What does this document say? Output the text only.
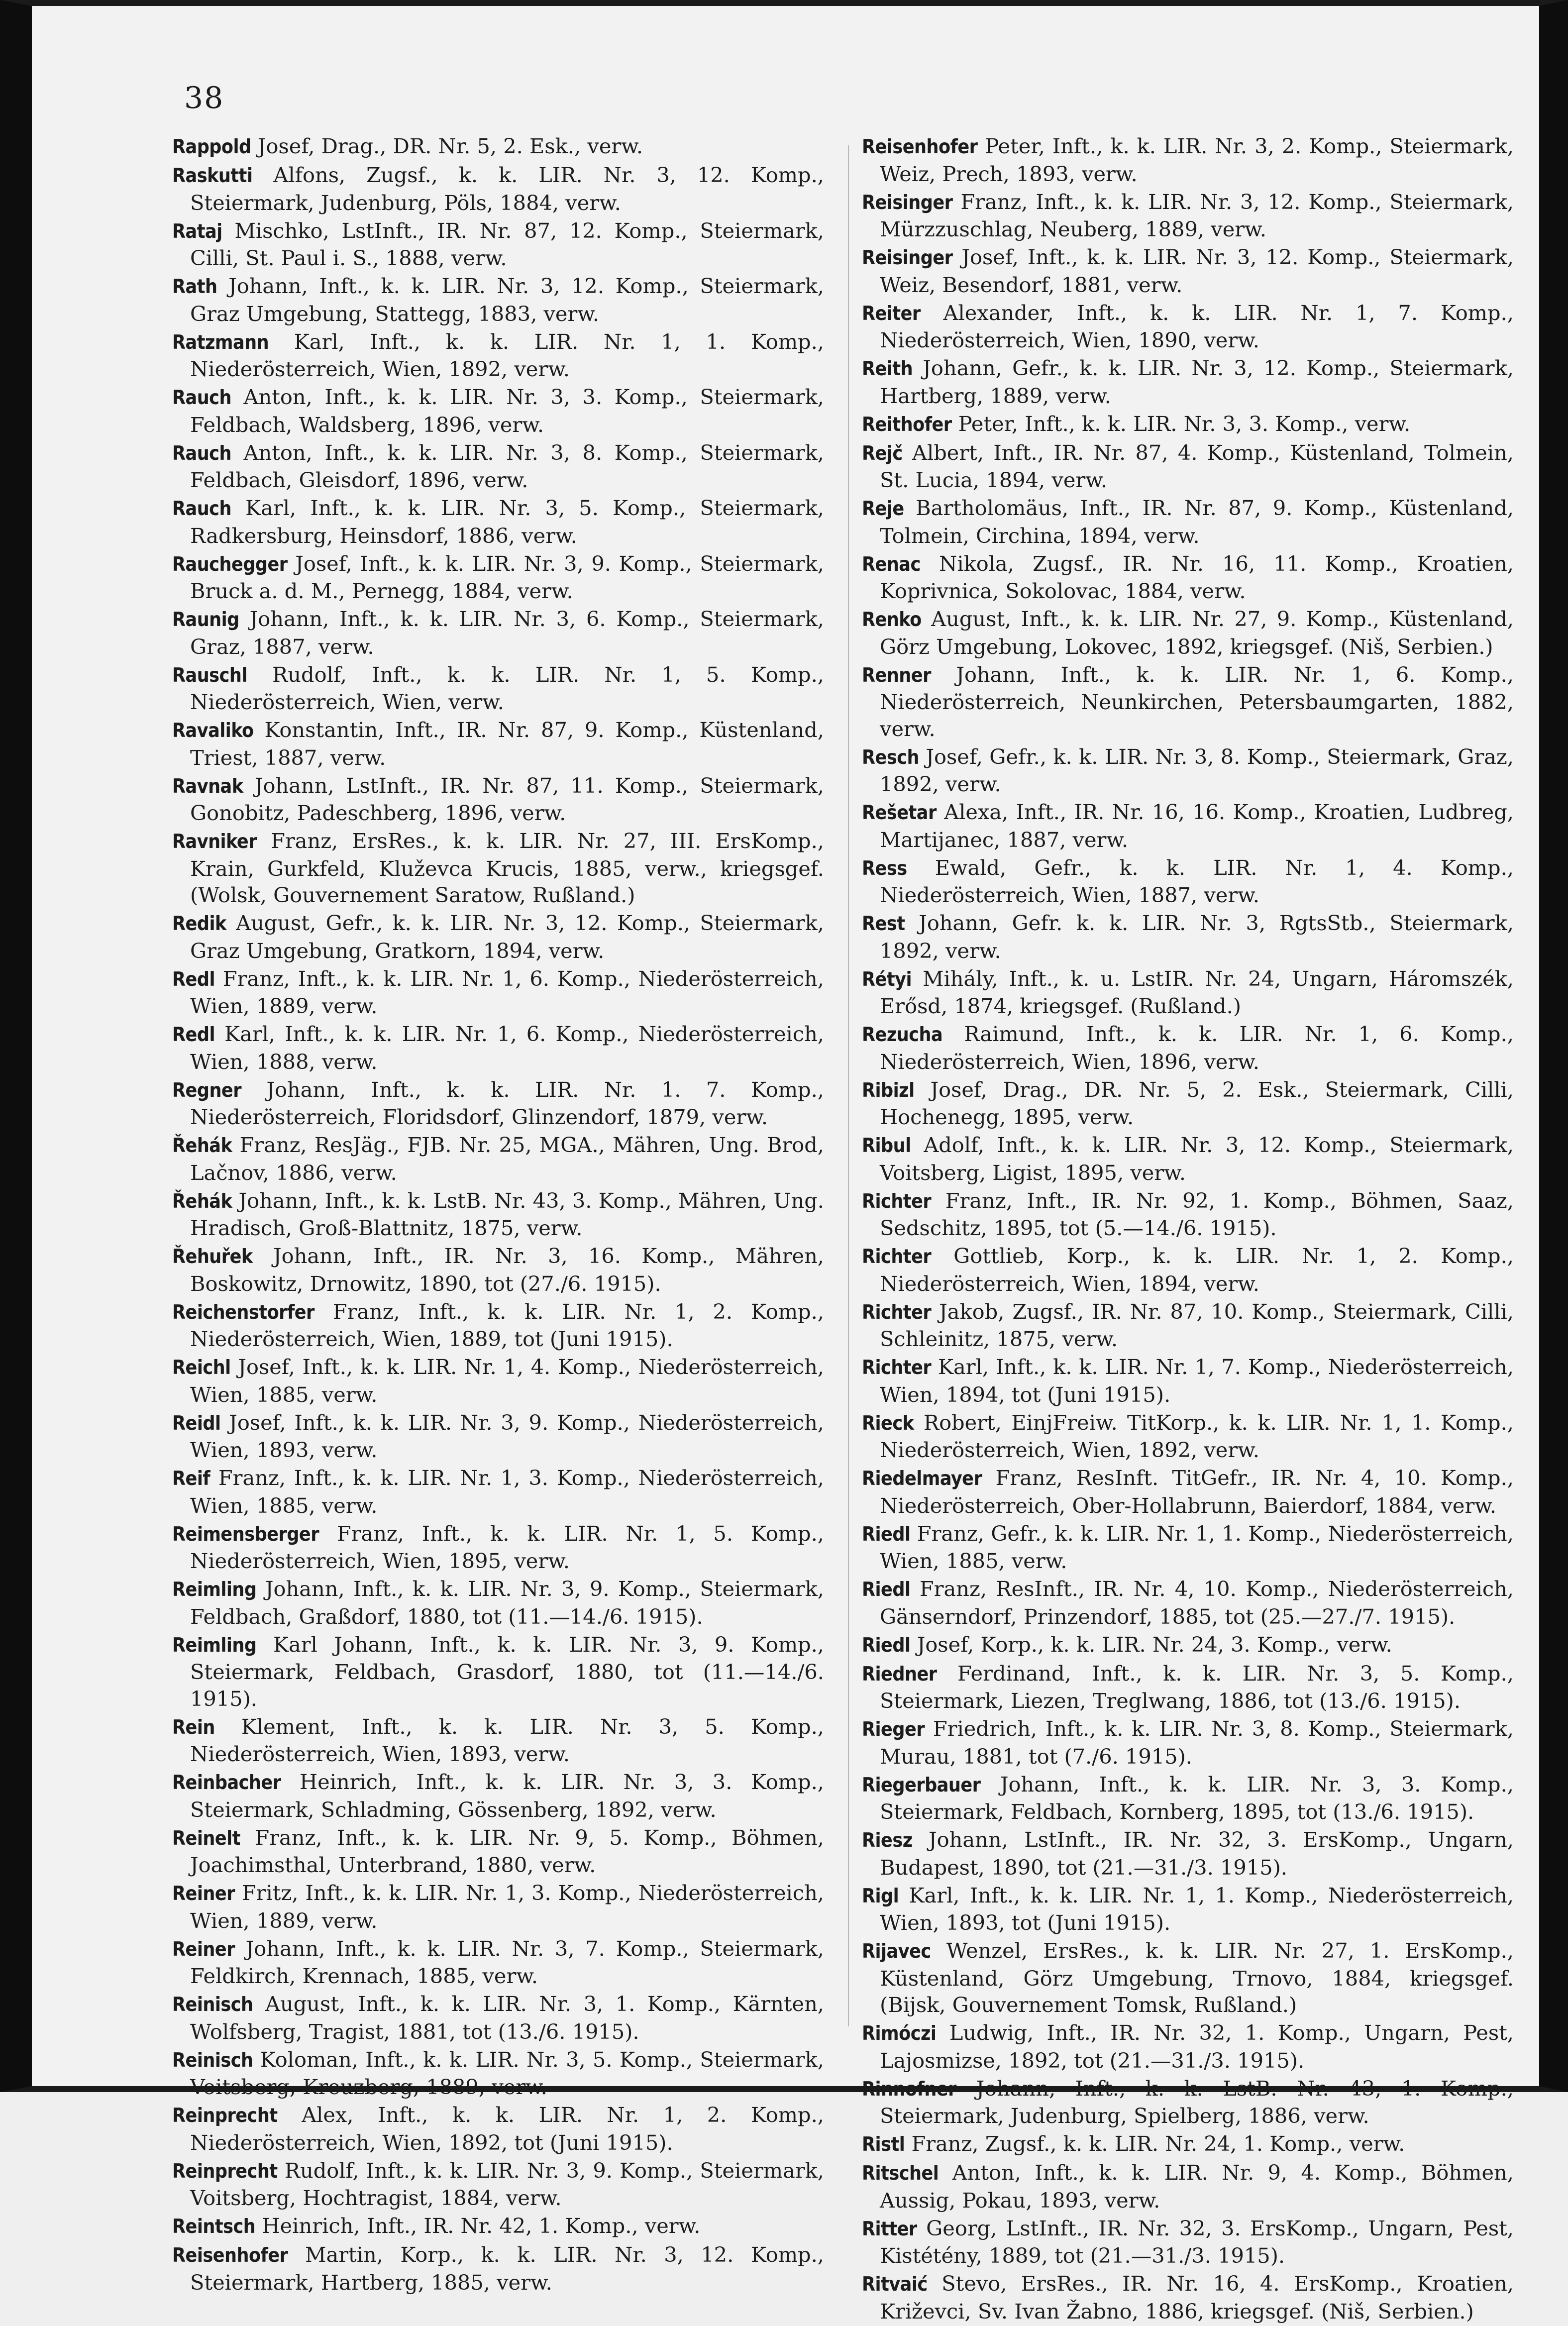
38

Rappold Josef, Drag., DR. Nr. 5, 2. Esk., verw.

Raskutti Alfons, Zugsf., k. k. LIR. Nr. 3, 12. Komp., Steiermark, Judenburg, Pöls, 1884, verw.

Rataj Mischko, LstInft., IR. Nr. 87, 12. Komp., Steiermark, Cilli, St. Paul i. S., 1888, verw.

Rath Johann, Inft., k. k. LIR. Nr. 3, 12. Komp., Steiermark, Graz Umgebung, Stattegg, 1883, verw.

Ratzmann Karl, Inft., k. k. LIR. Nr. 1, 1. Komp., Niederösterreich, Wien, 1892, verw.

Rauch Anton, Inft., k. k. LIR. Nr. 3, 3. Komp., Steiermark, Feldbach, Waldsberg, 1896, verw.

Rauch Anton, Inft., k. k. LIR. Nr. 3, 8. Komp., Steiermark, Feldbach, Gleisdorf, 1896, verw.

Rauch Karl, Inft., k. k. LIR. Nr. 3, 5. Komp., Steiermark, Radkersburg, Heinsdorf, 1886, verw.

Rauchegger Josef, Inft., k. k. LIR. Nr. 3, 9. Komp., Steiermark, Bruck a. d. M., Pernegg, 1884, verw.

Raunig Johann, Inft., k. k. LIR. Nr. 3, 6. Komp., Steiermark, Graz, 1887, verw.

Rauschl Rudolf, Inft., k. k. LIR. Nr. 1, 5. Komp., Niederösterreich, Wien, verw.

Ravaliko Konstantin, Inft., IR. Nr. 87, 9. Komp., Küstenland, Triest, 1887, verw.

Ravnak Johann, LstInft., IR. Nr. 87, 11. Komp., Steiermark, Gonobitz, Padeschberg, 1896, verw.

Ravniker Franz, ErsRes., k. k. LIR. Nr. 27, III. ErsKomp., Krain, Gurkfeld, Kluževca Krucis, 1885, verw., kriegsgef. (Wolsk, Gouvernement Saratow, Rußland.)

Redik August, Gefr., k. k. LIR. Nr. 3, 12. Komp., Steiermark, Graz Umgebung, Gratkorn, 1894, verw.

Redl Franz, Inft., k. k. LIR. Nr. 1, 6. Komp., Niederösterreich, Wien, 1889, verw.

Redl Karl, Inft., k. k. LIR. Nr. 1, 6. Komp., Niederösterreich, Wien, 1888, verw.

Regner Johann, Inft., k. k. LIR. Nr. 1. 7. Komp., Niederösterreich, Floridsdorf, Glinzendorf, 1879, verw.

Řehák Franz, ResJäg., FJB. Nr. 25, MGA., Mähren, Ung. Brod, Lačnov, 1886, verw.

Řehák Johann, Inft., k. k. LstB. Nr. 43, 3. Komp., Mähren, Ung. Hradisch, Groß-Blattnitz, 1875, verw.

Řehuřek Johann, Inft., IR. Nr. 3, 16. Komp., Mähren, Boskowitz, Drnowitz, 1890, tot (27./6. 1915).

Reichenstorfer Franz, Inft., k. k. LIR. Nr. 1, 2. Komp., Niederösterreich, Wien, 1889, tot (Juni 1915).

Reichl Josef, Inft., k. k. LIR. Nr. 1, 4. Komp., Niederösterreich, Wien, 1885, verw.

Reidl Josef, Inft., k. k. LIR. Nr. 3, 9. Komp., Niederösterreich, Wien, 1893, verw.

Reif Franz, Inft., k. k. LIR. Nr. 1, 3. Komp., Niederösterreich, Wien, 1885, verw.

Reimensberger Franz, Inft., k. k. LIR. Nr. 1, 5. Komp., Niederösterreich, Wien, 1895, verw.

Reimling Johann, Inft., k. k. LIR. Nr. 3, 9. Komp., Steiermark, Feldbach, Graßdorf, 1880, tot (11.—14./6. 1915).

Reimling Karl Johann, Inft., k. k. LIR. Nr. 3, 9. Komp., Steiermark, Feldbach, Grasdorf, 1880, tot (11.—14./6. 1915).

Rein Klement, Inft., k. k. LIR. Nr. 3, 5. Komp., Niederösterreich, Wien, 1893, verw.

Reinbacher Heinrich, Inft., k. k. LIR. Nr. 3, 3. Komp., Steiermark, Schladming, Gössenberg, 1892, verw.

Reinelt Franz, Inft., k. k. LIR. Nr. 9, 5. Komp., Böhmen, Joachimsthal, Unterbrand, 1880, verw.

Reiner Fritz, Inft., k. k. LIR. Nr. 1, 3. Komp., Niederösterreich, Wien, 1889, verw.

Reiner Johann, Inft., k. k. LIR. Nr. 3, 7. Komp., Steiermark, Feldkirch, Krennach, 1885, verw.

Reinisch August, Inft., k. k. LIR. Nr. 3, 1. Komp., Kärnten, Wolfsberg, Tragist, 1881, tot (13./6. 1915).

Reinisch Koloman, Inft., k. k. LIR. Nr. 3, 5. Komp., Steiermark, Voitsberg, Kreuzberg, 1889, verw.

Reinprecht Alex, Inft., k. k. LIR. Nr. 1, 2. Komp., Niederösterreich, Wien, 1892, tot (Juni 1915).

Reinprecht Rudolf, Inft., k. k. LIR. Nr. 3, 9. Komp., Steiermark, Voitsberg, Hochtragist, 1884, verw.

Reintsch Heinrich, Inft., IR. Nr. 42, 1. Komp., verw.

Reisenhofer Martin, Korp., k. k. LIR. Nr. 3, 12. Komp., Steiermark, Hartberg, 1885, verw.

Reisenhofer Peter, Inft., k. k. LIR. Nr. 3, 2. Komp., Steiermark, Weiz, Prech, 1893, verw.

Reisinger Franz, Inft., k. k. LIR. Nr. 3, 12. Komp., Steiermark, Mürzzuschlag, Neuberg, 1889, verw.

Reisinger Josef, Inft., k. k. LIR. Nr. 3, 12. Komp., Steiermark, Weiz, Besendorf, 1881, verw.

Reiter Alexander, Inft., k. k. LIR. Nr. 1, 7. Komp., Niederösterreich, Wien, 1890, verw.

Reith Johann, Gefr., k. k. LIR. Nr. 3, 12. Komp., Steiermark, Hartberg, 1889, verw.

Reithofer Peter, Inft., k. k. LIR. Nr. 3, 3. Komp., verw.

Rejč Albert, Inft., IR. Nr. 87, 4. Komp., Küstenland, Tolmein, St. Lucia, 1894, verw.

Reje Bartholomäus, Inft., IR. Nr. 87, 9. Komp., Küstenland, Tolmein, Circhina, 1894, verw.

Renac Nikola, Zugsf., IR. Nr. 16, 11. Komp., Kroatien, Koprivnica, Sokolovac, 1884, verw.

Renko August, Inft., k. k. LIR. Nr. 27, 9. Komp., Küstenland, Görz Umgebung, Lokovec, 1892, kriegsgef. (Niš, Serbien.)

Renner Johann, Inft., k. k. LIR. Nr. 1, 6. Komp., Niederösterreich, Neunkirchen, Petersbaumgarten, 1882, verw.

Resch Josef, Gefr., k. k. LIR. Nr. 3, 8. Komp., Steiermark, Graz, 1892, verw.

Rešetar Alexa, Inft., IR. Nr. 16, 16. Komp., Kroatien, Ludbreg, Martijanec, 1887, verw.

Ress Ewald, Gefr., k. k. LIR. Nr. 1, 4. Komp., Niederösterreich, Wien, 1887, verw.

Rest Johann, Gefr. k. k. LIR. Nr. 3, RgtsStb., Steiermark, 1892, verw.

Rétyi Mihály, Inft., k. u. LstIR. Nr. 24, Ungarn, Háromszék, Erősd, 1874, kriegsgef. (Rußland.)

Rezucha Raimund, Inft., k. k. LIR. Nr. 1, 6. Komp., Niederösterreich, Wien, 1896, verw.

Ribizl Josef, Drag., DR. Nr. 5, 2. Esk., Steiermark, Cilli, Hochenegg, 1895, verw.

Ribul Adolf, Inft., k. k. LIR. Nr. 3, 12. Komp., Steiermark, Voitsberg, Ligist, 1895, verw.

Richter Franz, Inft., IR. Nr. 92, 1. Komp., Böhmen, Saaz, Sedschitz, 1895, tot (5.—14./6. 1915).

Richter Gottlieb, Korp., k. k. LIR. Nr. 1, 2. Komp., Niederösterreich, Wien, 1894, verw.

Richter Jakob, Zugsf., IR. Nr. 87, 10. Komp., Steiermark, Cilli, Schleinitz, 1875, verw.

Richter Karl, Inft., k. k. LIR. Nr. 1, 7. Komp., Niederösterreich, Wien, 1894, tot (Juni 1915).

Rieck Robert, EinjFreiw. TitKorp., k. k. LIR. Nr. 1, 1. Komp., Niederösterreich, Wien, 1892, verw.

Riedelmayer Franz, ResInft. TitGefr., IR. Nr. 4, 10. Komp., Niederösterreich, Ober-Hollabrunn, Baierdorf, 1884, verw.

Riedl Franz, Gefr., k. k. LIR. Nr. 1, 1. Komp., Niederösterreich, Wien, 1885, verw.

Riedl Franz, ResInft., IR. Nr. 4, 10. Komp., Niederösterreich, Gänserndorf, Prinzendorf, 1885, tot (25.—27./7. 1915).

Riedl Josef, Korp., k. k. LIR. Nr. 24, 3. Komp., verw.

Riedner Ferdinand, Inft., k. k. LIR. Nr. 3, 5. Komp., Steiermark, Liezen, Treglwang, 1886, tot (13./6. 1915).

Rieger Friedrich, Inft., k. k. LIR. Nr. 3, 8. Komp., Steiermark, Murau, 1881, tot (7./6. 1915).

Riegerbauer Johann, Inft., k. k. LIR. Nr. 3, 3. Komp., Steiermark, Feldbach, Kornberg, 1895, tot (13./6. 1915).

Riesz Johann, LstInft., IR. Nr. 32, 3. ErsKomp., Ungarn, Budapest, 1890, tot (21.—31./3. 1915).

Rigl Karl, Inft., k. k. LIR. Nr. 1, 1. Komp., Niederösterreich, Wien, 1893, tot (Juni 1915).

Rijavec Wenzel, ErsRes., k. k. LIR. Nr. 27, 1. ErsKomp., Küstenland, Görz Umgebung, Trnovo, 1884, kriegsgef. (Bijsk, Gouvernement Tomsk, Rußland.)

Rimóczi Ludwig, Inft., IR. Nr. 32, 1. Komp., Ungarn, Pest, Lajosmizse, 1892, tot (21.—31./3. 1915).

Rinnofner Johann, Inft., k. k. LstB. Nr. 43, 1. Komp., Steiermark, Judenburg, Spielberg, 1886, verw.

Ristl Franz, Zugsf., k. k. LIR. Nr. 24, 1. Komp., verw.

Ritschel Anton, Inft., k. k. LIR. Nr. 9, 4. Komp., Böhmen, Aussig, Pokau, 1893, verw.

Ritter Georg, LstInft., IR. Nr. 32, 3. ErsKomp., Ungarn, Pest, Kistétény, 1889, tot (21.—31./3. 1915).

Ritvaić Stevo, ErsRes., IR. Nr. 16, 4. ErsKomp., Kroatien, Križevci, Sv. Ivan Žabno, 1886, kriegsgef. (Niš, Serbien.)
